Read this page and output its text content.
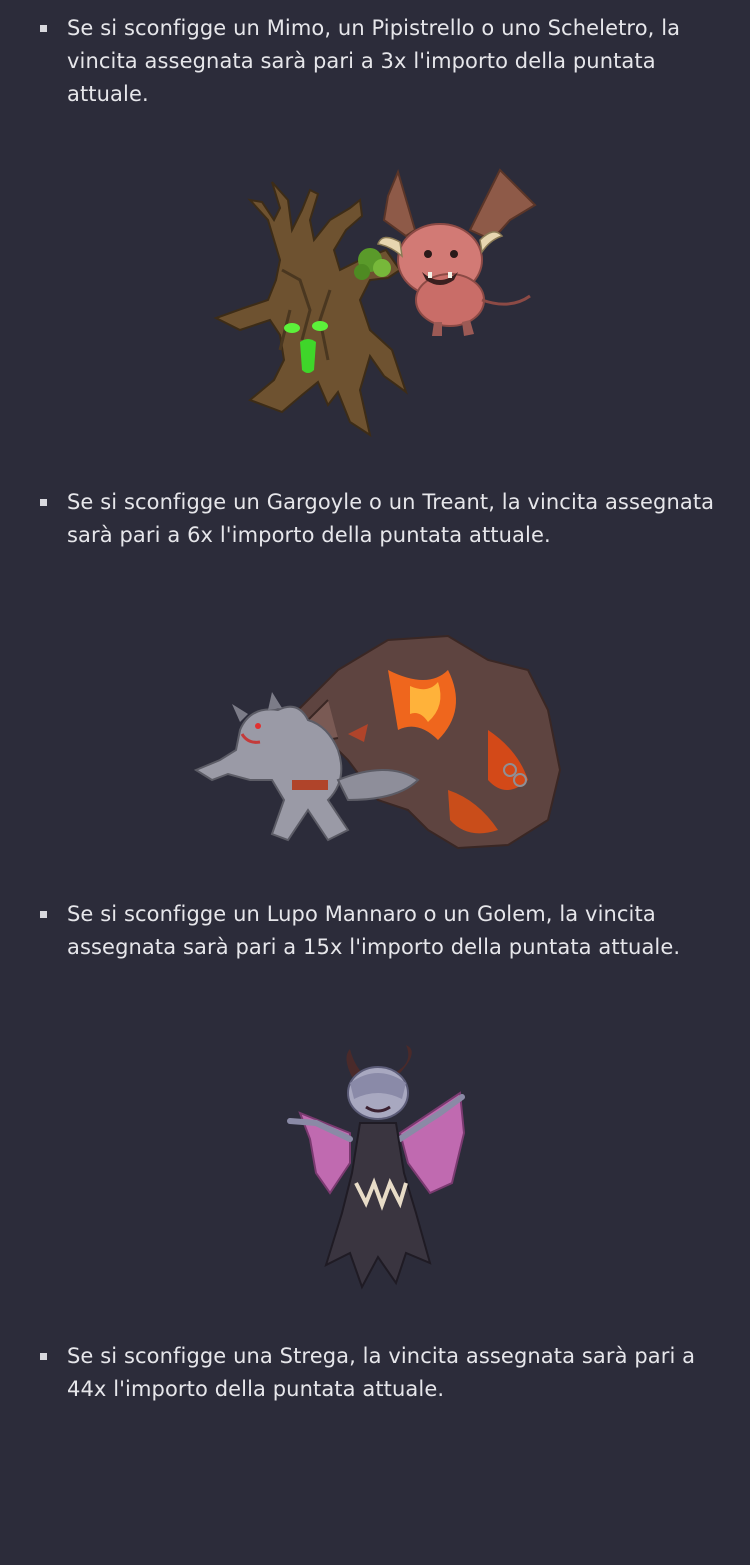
Se si sconfigge un Mimo, un Pipistrello o uno Scheletro, la vincita assegnata sarà pari a 3x l'importo della puntata attuale.
Se si sconfigge un Gargoyle o un Treant, la vincita assegnata sarà pari a 6x l'importo della puntata attuale.
Se si sconfigge un Lupo Mannaro o un Golem, la vincita assegnata sarà pari a 15x l'importo della puntata attuale.
Se si sconfigge una Strega, la vincita assegnata sarà pari a 44x l'importo della puntata attuale.
